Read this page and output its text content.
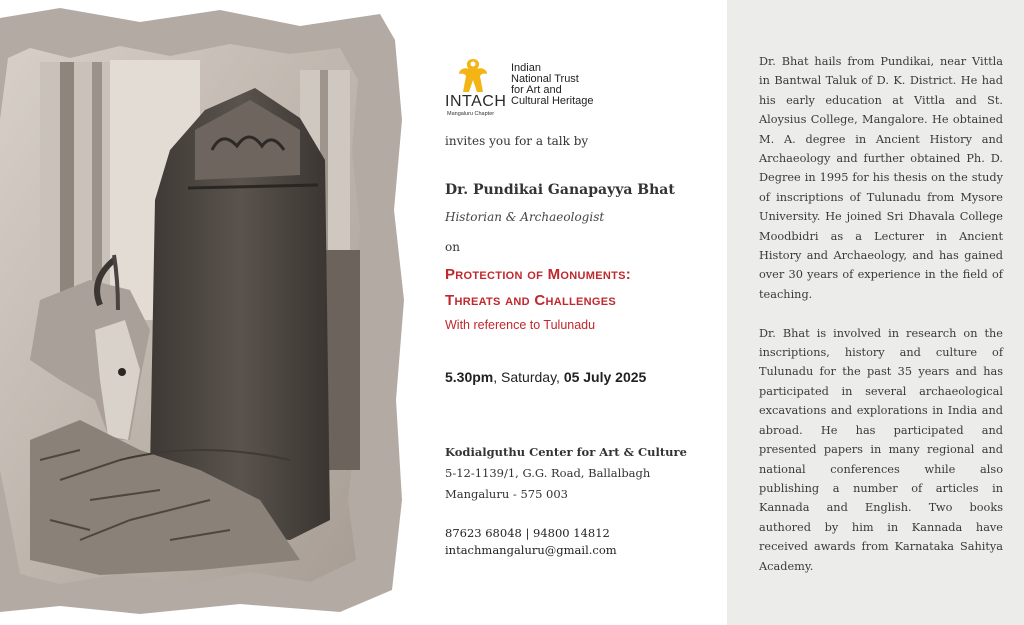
INTACH
Mangaluru Chapter
Indian
National Trust
for Art and
Cultural Heritage
invites you for a talk by
Dr. Pundikai Ganapayya Bhat
Historian & Archaeologist
on
Protection of Monuments:
Threats and Challenges
With reference to Tulunadu
5.30pm, Saturday, 05 July 2025
Kodialguthu Center for Art & Culture
5-12-1139/1, G.G. Road, Ballalbagh
Mangaluru - 575 003
87623 68048 | 94800 14812
intachmangaluru@gmail.com

Dr. Bhat hails from Pundikai, near Vittla in Bantwal Taluk of D. K. District. He had his early education at Vittla and St. Aloysius College, Mangalore. He obtained M. A. degree in Ancient History and Archaeology and further obtained Ph. D. Degree in 1995 for his thesis on the study of inscriptions of Tulunadu from Mysore University. He joined Sri Dhavala College Moodbidri as a Lecturer in Ancient History and Archaeology, and has gained over 30 years of experience in the field of teaching.

Dr. Bhat is involved in research on the inscriptions, history and culture of Tulunadu for the past 35 years and has participated in several archaeological excavations and explorations in India and abroad. He has participated and presented papers in many regional and national conferences while also publishing a number of articles in Kannada and English. Two books authored by him in Kannada have received awards from Karnataka Sahitya Academy.
